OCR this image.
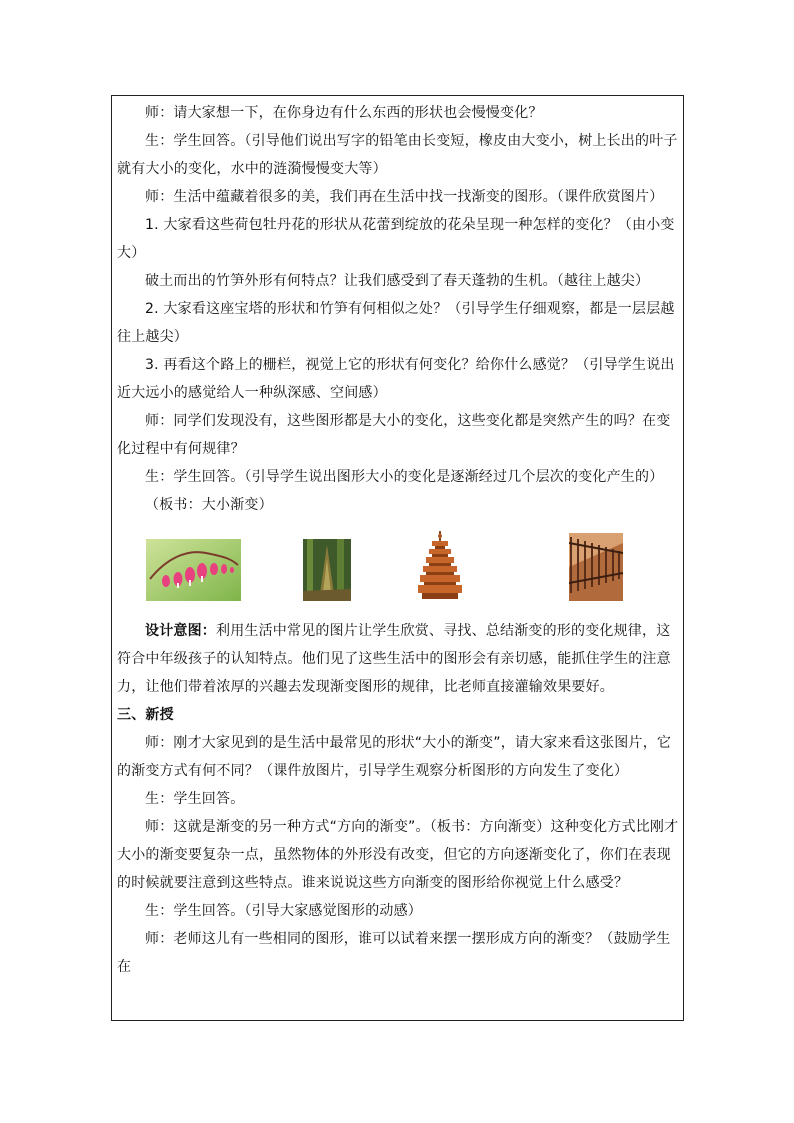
师：请大家想一下，在你身边有什么东西的形状也会慢慢变化？

生：学生回答。（引导他们说出写字的铅笔由长变短，橡皮由大变小，树上长出的叶子就有大小的变化，水中的涟漪慢慢变大等）

师：生活中蕴藏着很多的美，我们再在生活中找一找渐变的图形。（课件欣赏图片）

1. 大家看这些荷包牡丹花的形状从花蕾到绽放的花朵呈现一种怎样的变化？（由小变大）

破土而出的竹笋外形有何特点？让我们感受到了春天蓬勃的生机。（越往上越尖）

2. 大家看这座宝塔的形状和竹笋有何相似之处？（引导学生仔细观察，都是一层层越往上越尖）

3. 再看这个路上的栅栏，视觉上它的形状有何变化？给你什么感觉？（引导学生说出近大远小的感觉给人一种纵深感、空间感）

师：同学们发现没有，这些图形都是大小的变化，这些变化都是突然产生的吗？在变化过程中有何规律？

生：学生回答。（引导学生说出图形大小的变化是逐渐经过几个层次的变化产生的）

（板书：大小渐变）

设计意图：利用生活中常见的图片让学生欣赏、寻找、总结渐变的形的变化规律，这符合中年级孩子的认知特点。他们见了这些生活中的图形会有亲切感，能抓住学生的注意力，让他们带着浓厚的兴趣去发现渐变图形的规律，比老师直接灌输效果要好。

三、新授

师：刚才大家见到的是生活中最常见的形状“大小的渐变”，请大家来看这张图片，它的渐变方式有何不同？（课件放图片，引导学生观察分析图形的方向发生了变化）

生：学生回答。

师：这就是渐变的另一种方式“方向的渐变”。（板书：方向渐变）这种变化方式比刚才大小的渐变要复杂一点，虽然物体的外形没有改变，但它的方向逐渐变化了，你们在表现的时候就要注意到这些特点。谁来说说这些方向渐变的图形给你视觉上什么感受？

生：学生回答。（引导大家感觉图形的动感）

师：老师这儿有一些相同的图形，谁可以试着来摆一摆形成方向的渐变？（鼓励学生在
